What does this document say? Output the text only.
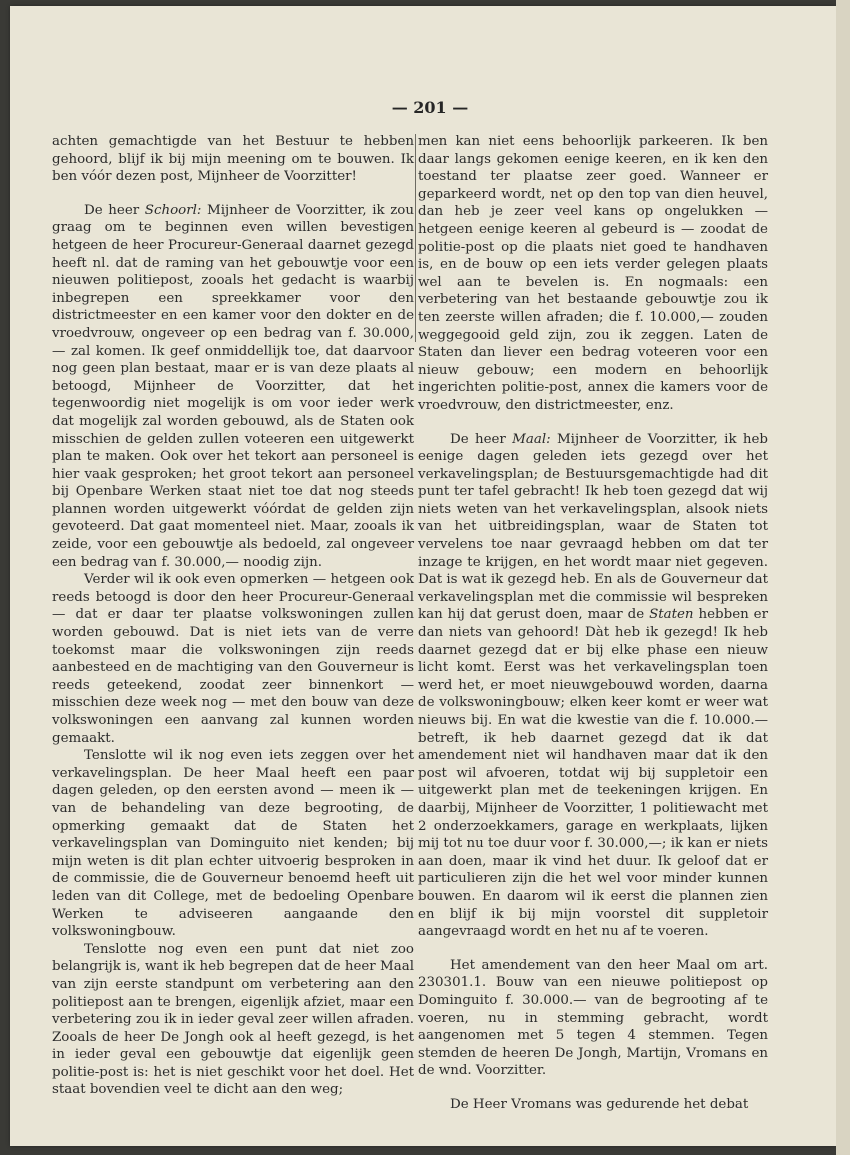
— 201 —

achten gemachtigde van het Bestuur te hebben gehoord, blijf ik bij mijn meening om te bouwen. Ik ben vóór dezen post, Mijnheer de Voorzitter!

De heer Schoorl: Mijnheer de Voorzitter, ik zou graag om te beginnen even willen bevestigen hetgeen de heer Procureur-Generaal daarnet gezegd heeft nl. dat de raming van het gebouwtje voor een nieuwen politiepost, zooals het gedacht is waarbij inbegrepen een spreekkamer voor den districtmeester en een kamer voor den dokter en de vroedvrouw, ongeveer op een bedrag van f. 30.000,— zal komen. Ik geef onmiddellijk toe, dat daarvoor nog geen plan bestaat, maar er is van deze plaats al betoogd, Mijnheer de Voorzitter, dat het tegenwoordig niet mogelijk is om voor ieder werk dat mogelijk zal worden gebouwd, als de Staten ook misschien de gelden zullen voteeren een uitgewerkt plan te maken. Ook over het tekort aan personeel is hier vaak gesproken; het groot tekort aan personeel bij Openbare Werken staat niet toe dat nog steeds plannen worden uitgewerkt vóórdat de gelden zijn gevoteerd. Dat gaat momenteel niet. Maar, zooals ik zeide, voor een gebouwtje als bedoeld, zal ongeveer een bedrag van f. 30.000,— noodig zijn.

Verder wil ik ook even opmerken — hetgeen ook reeds betoogd is door den heer Procureur-Generaal — dat er daar ter plaatse volkswoningen zullen worden gebouwd. Dat is niet iets van de verre toekomst maar die volkswoningen zijn reeds aanbesteed en de machtiging van den Gouverneur is reeds geteekend, zoodat zeer binnenkort — misschien deze week nog — met den bouw van deze volkswoningen een aanvang zal kunnen worden gemaakt.

Tenslotte wil ik nog even iets zeggen over het verkavelingsplan. De heer Maal heeft een paar dagen geleden, op den eersten avond — meen ik — van de behandeling van deze begrooting, de opmerking gemaakt dat de Staten het verkavelingsplan van Dominguito niet kenden; bij mijn weten is dit plan echter uitvoerig besproken in de commissie, die de Gouverneur benoemd heeft uit leden van dit College, met de bedoeling Openbare Werken te adviseeren aangaande den volkswoningbouw.

Tenslotte nog even een punt dat niet zoo belangrijk is, want ik heb begrepen dat de heer Maal van zijn eerste standpunt om verbetering aan den politiepost aan te brengen, eigenlijk afziet, maar een verbetering zou ik in ieder geval zeer willen afraden. Zooals de heer De Jongh ook al heeft gezegd, is het in ieder geval een gebouwtje dat eigenlijk geen politie-post is: het is niet geschikt voor het doel. Het staat bovendien veel te dicht aan den weg;

men kan niet eens behoorlijk parkeeren. Ik ben daar langs gekomen eenige keeren, en ik ken den toestand ter plaatse zeer goed. Wanneer er geparkeerd wordt, net op den top van dien heuvel, dan heb je zeer veel kans op ongelukken — hetgeen eenige keeren al gebeurd is — zoodat de politie-post op die plaats niet goed te handhaven is, en de bouw op een iets verder gelegen plaats wel aan te bevelen is. En nogmaals: een verbetering van het bestaande gebouwtje zou ik ten zeerste willen afraden; die f. 10.000,— zouden weggegooid geld zijn, zou ik zeggen. Laten de Staten dan liever een bedrag voteeren voor een nieuw gebouw; een modern en behoorlijk ingerichten politie-post, annex die kamers voor de vroedvrouw, den districtmeester, enz.

De heer Maal: Mijnheer de Voorzitter, ik heb eenige dagen geleden iets gezegd over het verkavelingsplan; de Bestuursgemachtigde had dit punt ter tafel gebracht! Ik heb toen gezegd dat wij niets weten van het verkavelingsplan, alsook niets van het uitbreidingsplan, waar de Staten tot vervelens toe naar gevraagd hebben om dat ter inzage te krijgen, en het wordt maar niet gegeven. Dat is wat ik gezegd heb. En als de Gouverneur dat verkavelingsplan met die commissie wil bespreken kan hij dat gerust doen, maar de Staten hebben er dan niets van gehoord! Dàt heb ik gezegd! Ik heb daarnet gezegd dat er bij elke phase een nieuw licht komt. Eerst was het verkavelingsplan toen werd het, er moet nieuwgebouwd worden, daarna de volkswoningbouw; elken keer komt er weer wat nieuws bij. En wat die kwestie van die f. 10.000.— betreft, ik heb daarnet gezegd dat ik dat amendement niet wil handhaven maar dat ik den post wil afvoeren, totdat wij bij suppletoir een uitgewerkt plan met de teekeningen krijgen. En daarbij, Mijnheer de Voorzitter, 1 politiewacht met 2 onderzoekkamers, garage en werkplaats, lijken mij tot nu toe duur voor f. 30.000,—; ik kan er niets aan doen, maar ik vind het duur. Ik geloof dat er particulieren zijn die het wel voor minder kunnen bouwen. En daarom wil ik eerst die plannen zien en blijf ik bij mijn voorstel dit suppletoir aangevraagd wordt en het nu af te voeren.

Het amendement van den heer Maal om art. 230301.1. Bouw van een nieuwe politiepost op Dominguito f. 30.000.— van de begrooting af te voeren, nu in stemming gebracht, wordt aangenomen met 5 tegen 4 stemmen. Tegen stemden de heeren De Jongh, Martijn, Vromans en de wnd. Voorzitter.

De Heer Vromans was gedurende het debat
